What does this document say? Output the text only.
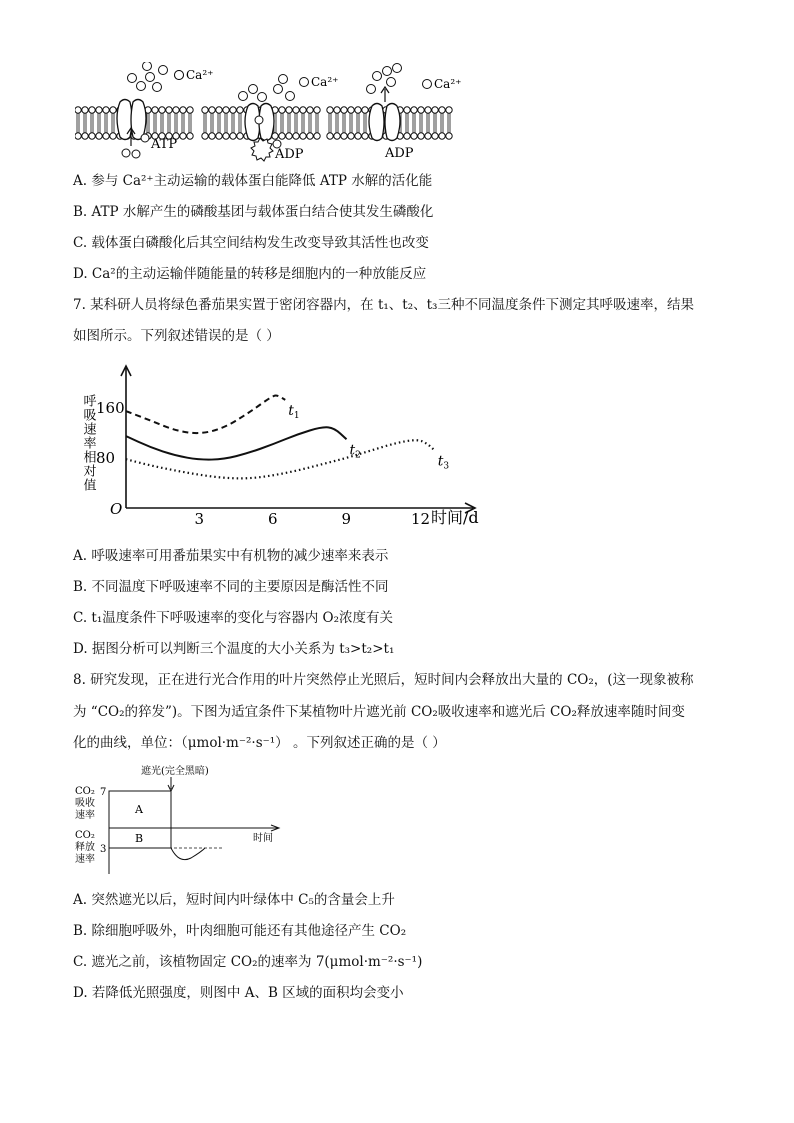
ATP
ADP	ADP
Ca²⁺	Ca²⁺	Ca²⁺
A. 参与 Ca²⁺主动运输的载体蛋白能降低 ATP 水解的活化能
B. ATP 水解产生的磷酸基团与载体蛋白结合使其发生磷酸化
C. 载体蛋白磷酸化后其空间结构发生改变导致其活性也改变
D. Ca²的主动运输伴随能量的转移是细胞内的一种放能反应
7. 某科研人员将绿色番茄果实置于密闭容器内，在 t₁、t₂、t₃三种不同温度条件下测定其呼吸速率，结果
如图所示。下列叙述错误的是（ ）
呼吸速率相对值
O	时间/d
3	6	9	12
80
160	$t_1$
$t_2$	$t_3$
A. 呼吸速率可用番茄果实中有机物的减少速率来表示
B. 不同温度下呼吸速率不同的主要原因是酶活性不同
C. t₁温度条件下呼吸速率的变化与容器内 O₂浓度有关
D. 据图分析可以判断三个温度的大小关系为 t₃>t₂>t₁
8. 研究发现，正在进行光合作用的叶片突然停止光照后，短时间内会释放出大量的 CO₂，(这一现象被称
为 “CO₂的猝发”)。下图为适宜条件下某植物叶片遮光前 CO₂吸收速率和遮光后 CO₂释放速率随时间变
化的曲线，单位：（μmol·m⁻²·s⁻¹） 。下列叙述正确的是（ ）
CO₂
吸收
速率
CO₂
释放
速率
7
3
时间
遮光(完全黑暗)
A
B
A. 突然遮光以后，短时间内叶绿体中 C₅的含量会上升
B. 除细胞呼吸外，叶肉细胞可能还有其他途径产生 CO₂
C. 遮光之前，该植物固定 CO₂的速率为 7(μmol·m⁻²·s⁻¹)
D. 若降低光照强度，则图中 A、B 区域的面积均会变小
